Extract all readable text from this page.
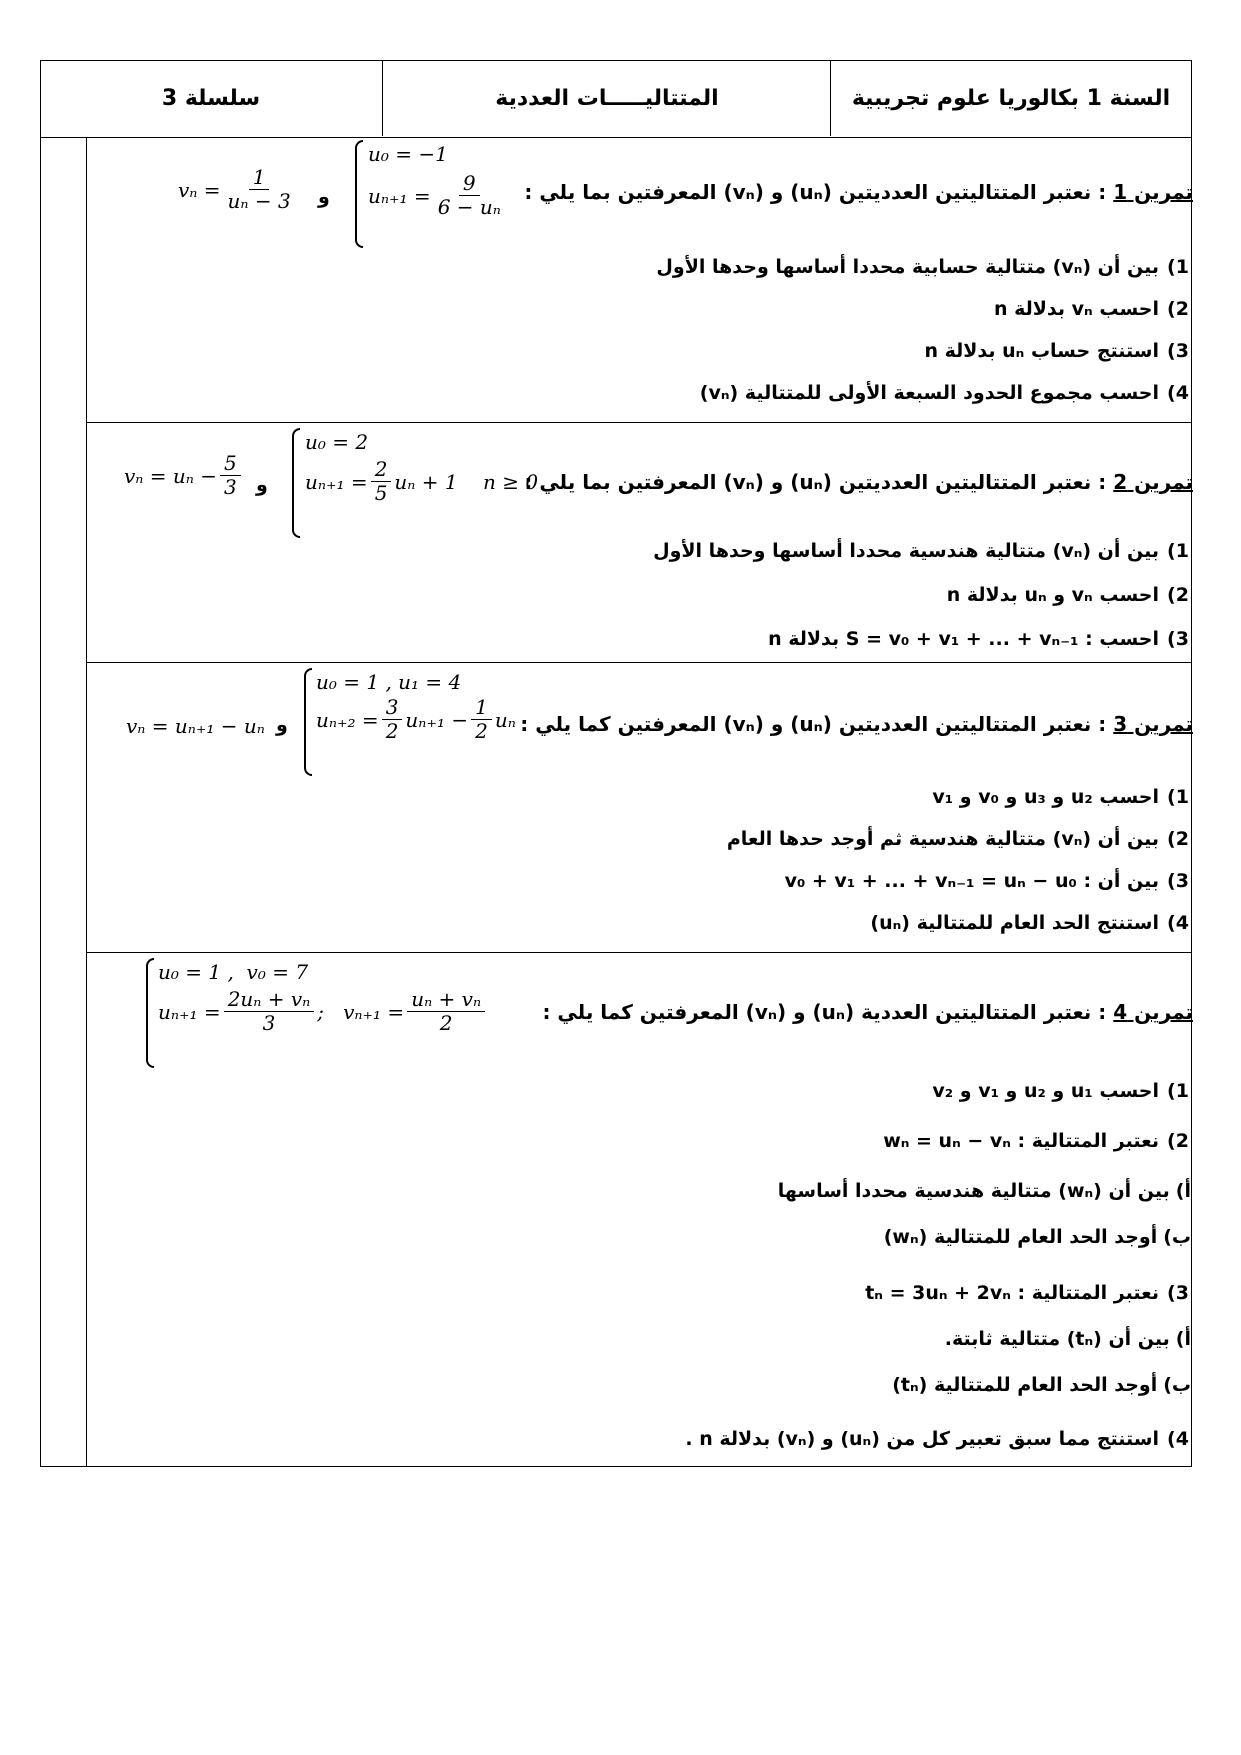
السنة 1 بكالوريا علوم تجريبية
المتتاليـــــات العددية
سلسلة 3
تمرين 1 : نعتبر المتتاليتين العدديتين (uₙ) و (vₙ) المعرفتين بما يلي :
u₀ = −1
$u_{n+1} = \frac{9}{\text{6 − uₙ}}$
و
$v_n = \frac{1}{\text{uₙ − 3}}$
1)
بين أن (vₙ) متتالية حسابية محددا أساسها وحدها الأول
2)
احسب vₙ بدلالة n
3)
استنتج حساب uₙ بدلالة n
4)
احسب مجموع الحدود السبعة الأولى للمتتالية (vₙ)
تمرين 2 : نعتبر المتتاليتين العدديتين (uₙ) و (vₙ) المعرفتين بما يلي :
u₀ = 2
$u_{n+1} = \frac{2}{5}$ uₙ + 1    n ≥ 0
و
$v_n = u_n - \frac{5}{3}$
1)
بين أن (vₙ) متتالية هندسية محددا أساسها وحدها الأول
2)
احسب vₙ و uₙ بدلالة n
3)
احسب : S = v₀ + v₁ + ... + vₙ₋₁ بدلالة n
تمرين 3 : نعتبر المتتاليتين العدديتين (uₙ) و (vₙ) المعرفتين كما يلي :
u₀ = 1 , u₁ = 4
$u_{n+2} = \frac{3}{2} u_{n+1} - \frac{1}{2}$ uₙ
و
vₙ = uₙ₊₁ − uₙ
1)
احسب u₂ و u₃ و v₀ و v₁
2)
بين أن (vₙ) متتالية هندسية ثم أوجد حدها العام
3)
بين أن : v₀ + v₁ + ... + vₙ₋₁ = uₙ − u₀
4)
استنتج الحد العام للمتتالية (uₙ)
تمرين 4 : نعتبر المتتاليتين العددية (uₙ) و (vₙ) المعرفتين كما يلي :
u₀ = 1 ,  v₀ = 7
$u_{n+1} = \frac{\text{2uₙ + vₙ}}{3}$ ;   $v_{n+1} = \frac{\text{uₙ + vₙ}}{2}$
1)
احسب u₁ و u₂ و v₁ و v₂
2)
نعتبر المتتالية : wₙ = uₙ − vₙ
أ)
بين أن (wₙ) متتالية هندسية محددا أساسها
ب)
أوجد الحد العام للمتتالية (wₙ)
3)
نعتبر المتتالية : tₙ = 3uₙ + 2vₙ
أ)
بين أن (tₙ) متتالية ثابتة.
ب)
أوجد الحد العام للمتتالية (tₙ)
4)
استنتج مما سبق تعبير كل من (uₙ) و (vₙ) بدلالة n .
